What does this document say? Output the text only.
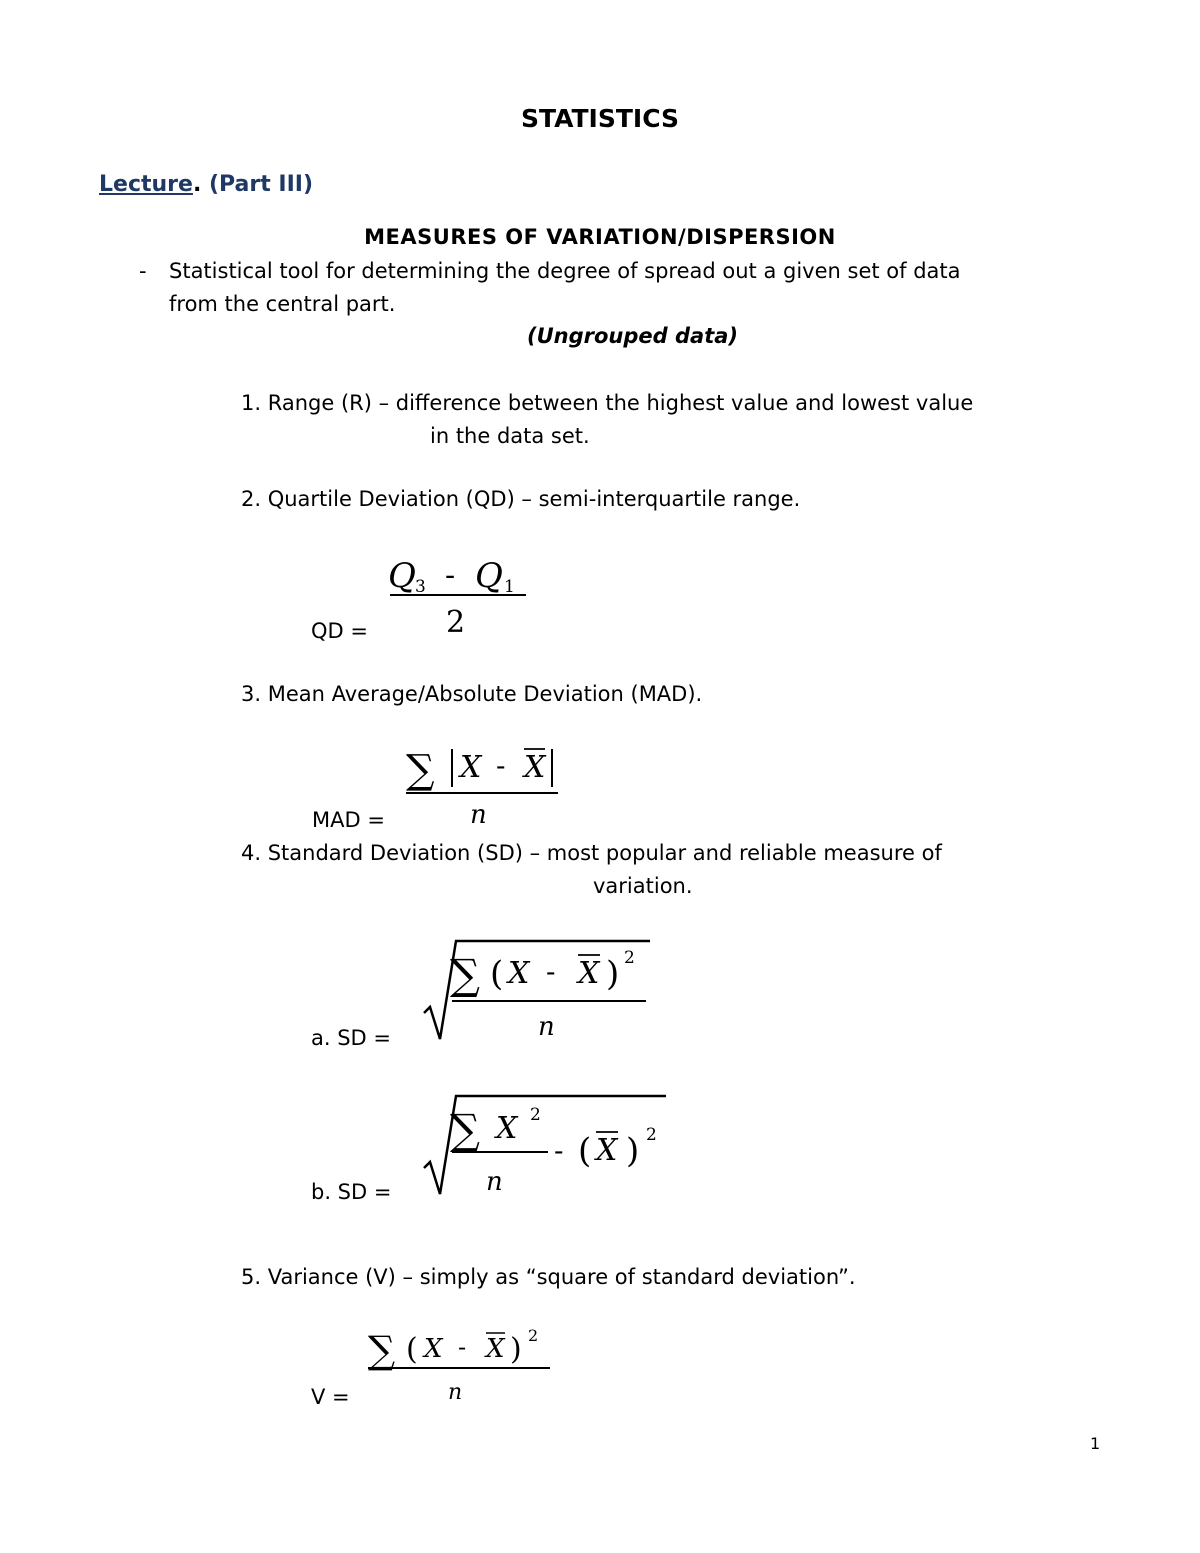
STATISTICS
Lecture. (Part III)
MEASURES OF VARIATION/DISPERSION
- Statistical tool for determining the degree of spread out a given set of data
from the central part.
(Ungrouped data)
1. Range (R) – difference between the highest value and lowest value
in the data set.
2. Quartile Deviation (QD) – semi-interquartile range.
QD =
Q 3 - Q 1
2
3. Mean Average/Absolute Deviation (MAD).
MAD =
∑ X - X
n
4. Standard Deviation (SD) – most popular and reliable measure of
variation.
a. SD =
∑ ( X - X ) 2
n
b. SD =
∑ X 2
n
- ( X ) 2
5. Variance (V) – simply as “square of standard deviation”.
V =
∑ ( X - X ) 2
n
1
